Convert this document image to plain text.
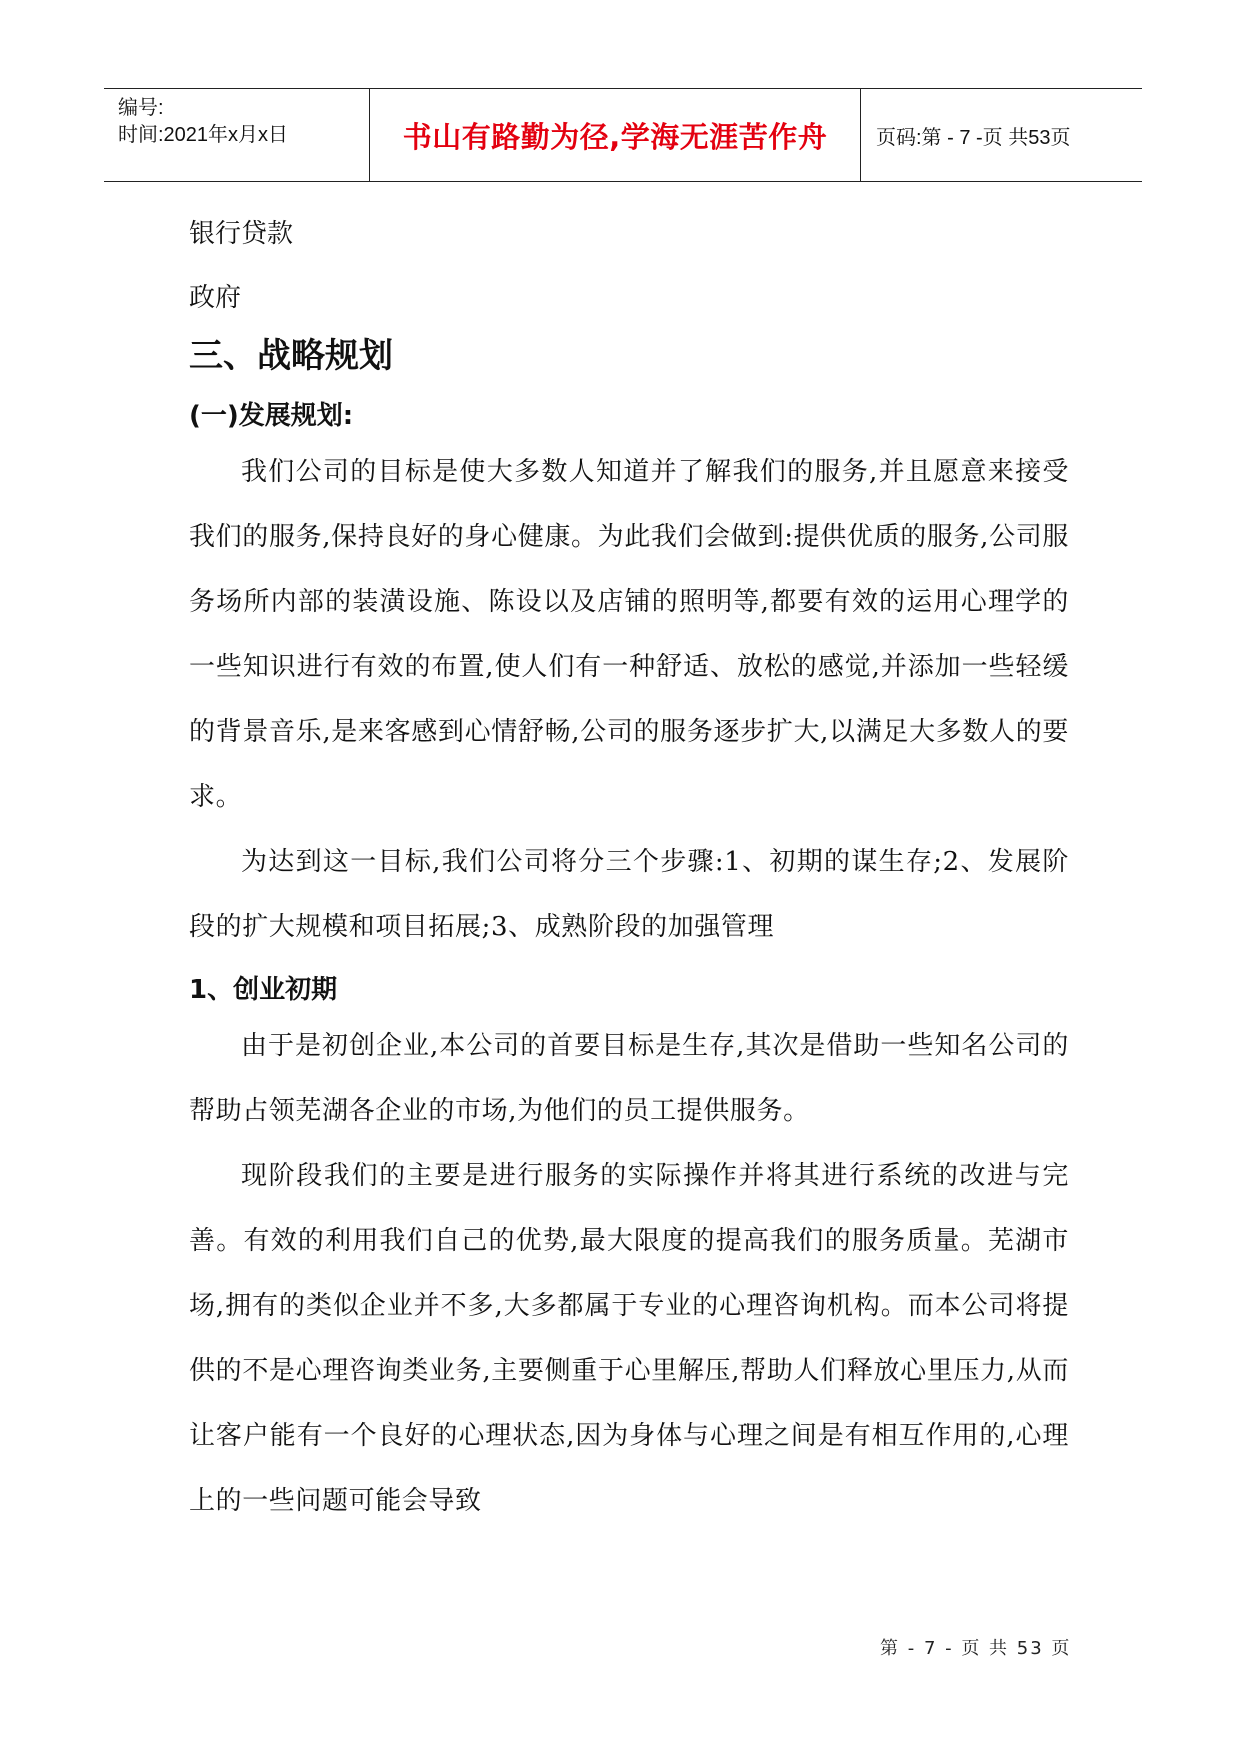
编号:
时间:2021年x月x日	书山有路勤为径,学海无涯苦作舟	页码:第 - 7 -页 共53页
银行贷款
政府
三、战略规划
(一)发展规划:

我们公司的目标是使大多数人知道并了解我们的服务,并且愿意来接受我们的服务,保持良好的身心健康。为此我们会做到:提供优质的服务,公司服务场所内部的装潢设施、陈设以及店铺的照明等,都要有效的运用心理学的一些知识进行有效的布置,使人们有一种舒适、放松的感觉,并添加一些轻缓的背景音乐,是来客感到心情舒畅,公司的服务逐步扩大,以满足大多数人的要求。

为达到这一目标,我们公司将分三个步骤:1、初期的谋生存;2、发展阶段的扩大规模和项目拓展;3、成熟阶段的加强管理

1、创业初期

由于是初创企业,本公司的首要目标是生存,其次是借助一些知名公司的帮助占领芜湖各企业的市场,为他们的员工提供服务。

现阶段我们的主要是进行服务的实际操作并将其进行系统的改进与完善。有效的利用我们自己的优势,最大限度的提高我们的服务质量。芜湖市场,拥有的类似企业并不多,大多都属于专业的心理咨询机构。而本公司将提供的不是心理咨询类业务,主要侧重于心里解压,帮助人们释放心里压力,从而让客户能有一个良好的心理状态,因为身体与心理之间是有相互作用的,心理上的一些问题可能会导致

第 - 7 - 页 共 53 页
